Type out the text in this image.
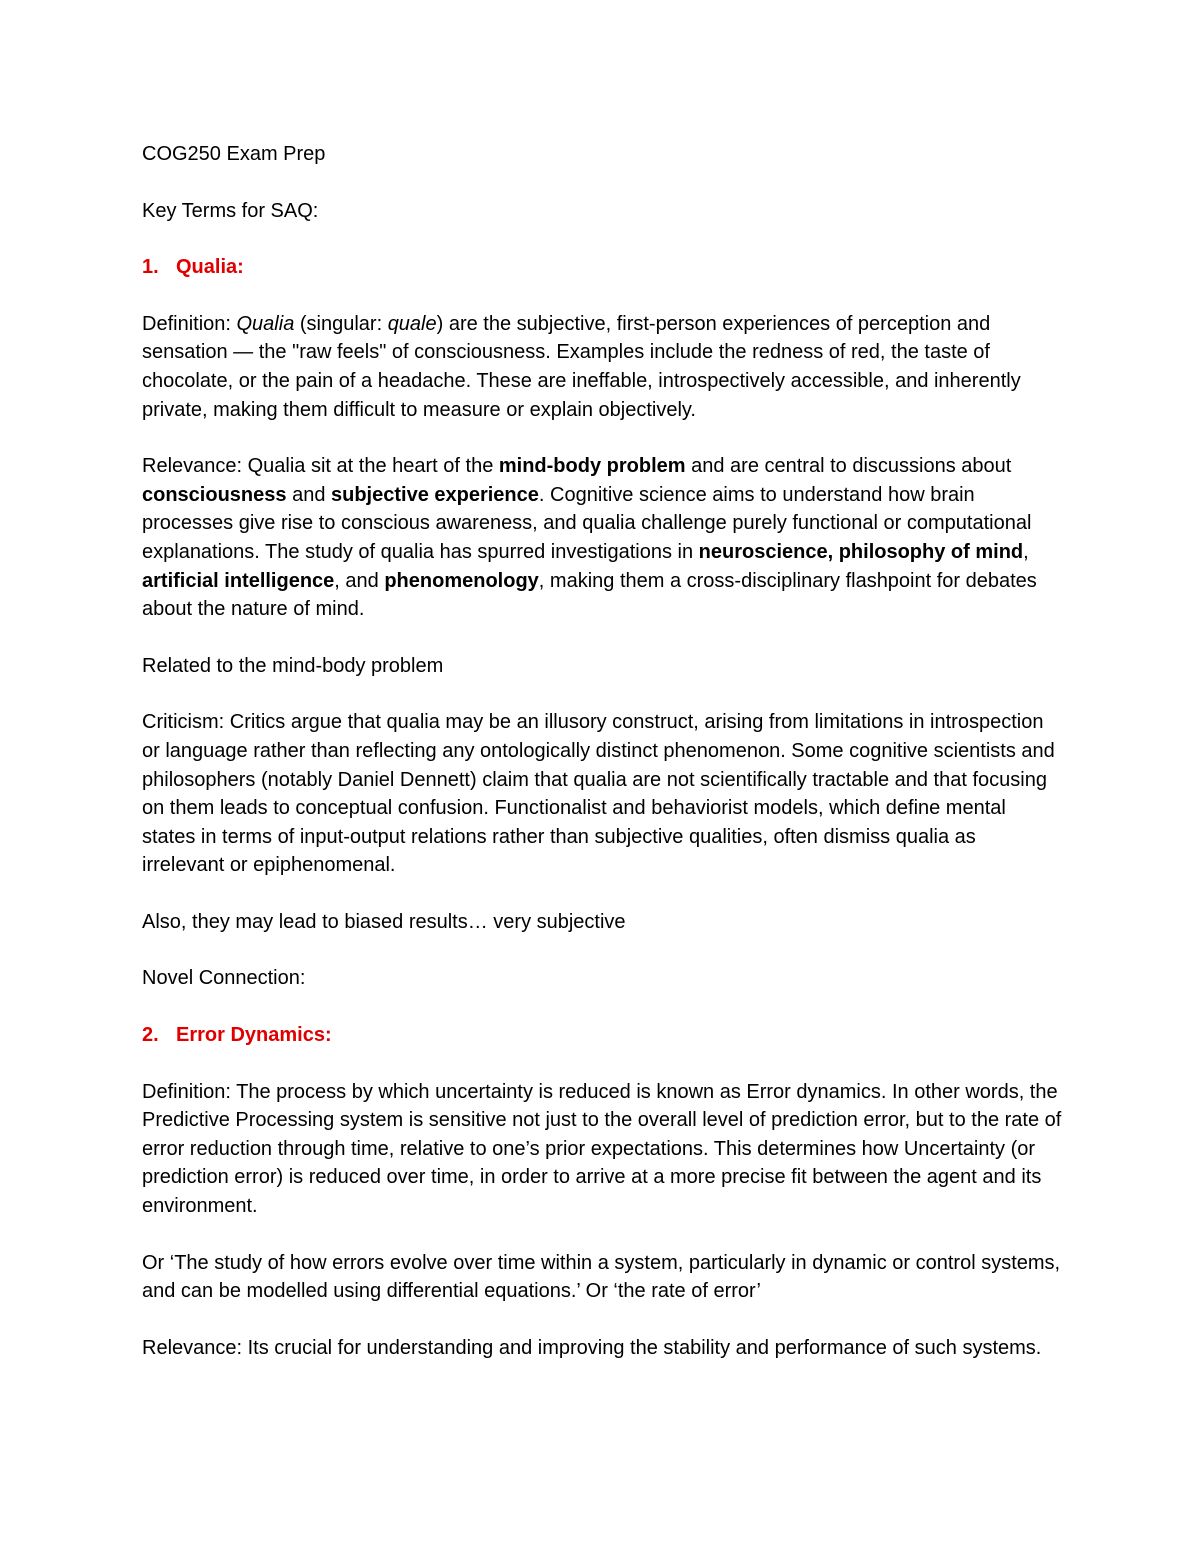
COG250 Exam Prep

Key Terms for SAQ:

1. Qualia:

Definition: Qualia (singular: quale) are the subjective, first-person experiences of perception and sensation — the "raw feels" of consciousness. Examples include the redness of red, the taste of chocolate, or the pain of a headache. These are ineffable, introspectively accessible, and inherently private, making them difficult to measure or explain objectively.

Relevance: Qualia sit at the heart of the mind-body problem and are central to discussions about consciousness and subjective experience. Cognitive science aims to understand how brain processes give rise to conscious awareness, and qualia challenge purely functional or computational explanations. The study of qualia has spurred investigations in neuroscience, philosophy of mind, artificial intelligence, and phenomenology, making them a cross-disciplinary flashpoint for debates about the nature of mind.

Related to the mind-body problem

Criticism: Critics argue that qualia may be an illusory construct, arising from limitations in introspection or language rather than reflecting any ontologically distinct phenomenon. Some cognitive scientists and philosophers (notably Daniel Dennett) claim that qualia are not scientifically tractable and that focusing on them leads to conceptual confusion. Functionalist and behaviorist models, which define mental states in terms of input-output relations rather than subjective qualities, often dismiss qualia as irrelevant or epiphenomenal.

Also, they may lead to biased results… very subjective

Novel Connection:

2. Error Dynamics:

Definition: The process by which uncertainty is reduced is known as Error dynamics. In other words, the Predictive Processing system is sensitive not just to the overall level of prediction error, but to the rate of error reduction through time, relative to one’s prior expectations. This determines how Uncertainty (or prediction error) is reduced over time, in order to arrive at a more precise fit between the agent and its environment.

Or ‘The study of how errors evolve over time within a system, particularly in dynamic or control systems, and can be modelled using differential equations.’ Or ‘the rate of error’

Relevance: Its crucial for understanding and improving the stability and performance of such systems.
